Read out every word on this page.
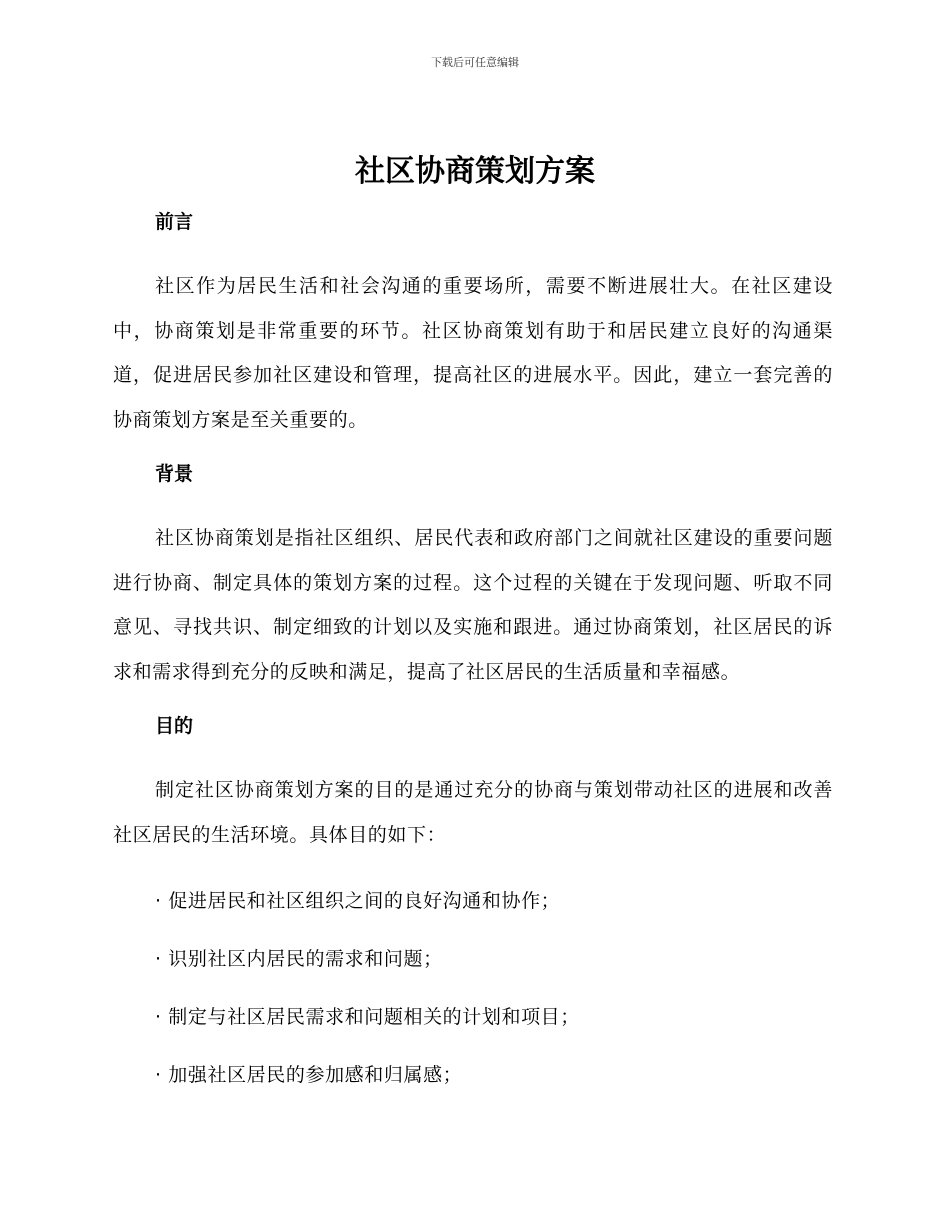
下载后可任意编辑
社区协商策划方案
前言

社区作为居民生活和社会沟通的重要场所，需要不断进展壮大。在社区建设中，协商策划是非常重要的环节。社区协商策划有助于和居民建立良好的沟通渠道，促进居民参加社区建设和管理，提高社区的进展水平。因此，建立一套完善的协商策划方案是至关重要的。

背景

社区协商策划是指社区组织、居民代表和政府部门之间就社区建设的重要问题进行协商、制定具体的策划方案的过程。这个过程的关键在于发现问题、听取不同意见、寻找共识、制定细致的计划以及实施和跟进。通过协商策划，社区居民的诉求和需求得到充分的反映和满足，提高了社区居民的生活质量和幸福感。

目的

制定社区协商策划方案的目的是通过充分的协商与策划带动社区的进展和改善社区居民的生活环境。具体目的如下：

· 促进居民和社区组织之间的良好沟通和协作；

· 识别社区内居民的需求和问题；

· 制定与社区居民需求和问题相关的计划和项目；

· 加强社区居民的参加感和归属感；
